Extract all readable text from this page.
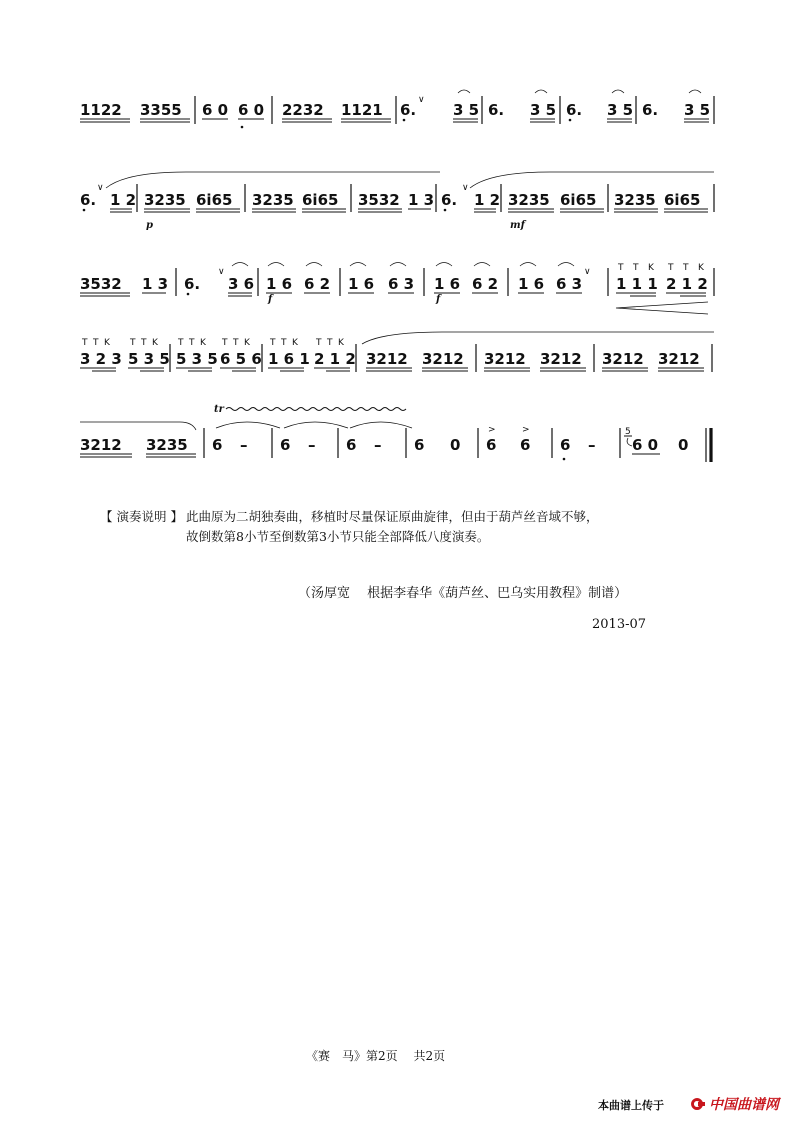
1122 3355 6 0 6 0 2232 1121 6.
∨
3 5 6. 3 5 6. 3 5 6. 3 5
6.
∨
1 2 3235 6i65
p
3235 6i65 3532 1 3 6.
∨
1 2 3235 6i65
mf
3235 6i65
3532 1 3 6.
∨
3 6 1 6 6 2
f
1 6 6 3 1 6 6 2
f
1 6 6 3
∨	T T K T T K
1 1 1 2 1 2
T T K T T K
3 2 3 5 3 5
T T K T T K
5 3 5 6 5 6
T T K T T K
1 6 1 2 1 2 3212 3212 3212 3212 3212 3212
3212 3235
tr
6 – 6 – 6 – 6 0
>	>
6 6 6 –
5
6 0 0
【 演奏说明 】 此曲原为二胡独奏曲，移植时尽量保证原曲旋律，但由于葫芦丝音域不够，
故倒数第8小节至倒数第3小节只能全部降低八度演奏。
（汤厚宽　 根据李春华《葫芦丝、巴乌实用教程》制谱）
2013-07
《赛　马》第2页　 共2页
本曲谱上传于	中国曲谱网
